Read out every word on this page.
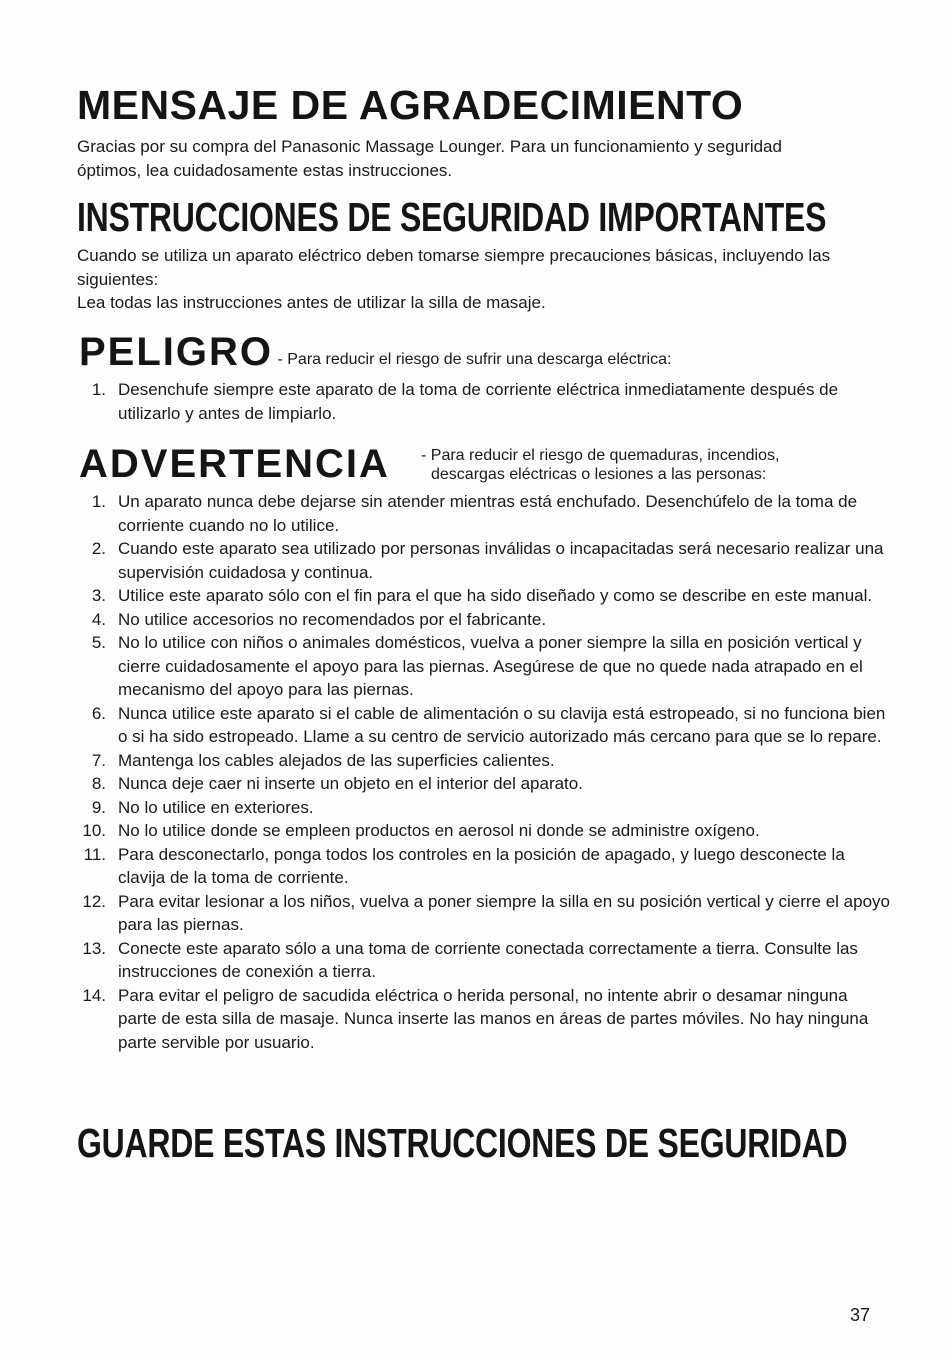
MENSAJE DE AGRADECIMIENTO

Gracias por su compra del Panasonic Massage Lounger. Para un funcionamiento y seguridad óptimos, lea cuidadosamente estas instrucciones.

INSTRUCCIONES DE SEGURIDAD IMPORTANTES

Cuando se utiliza un aparato eléctrico deben tomarse siempre precauciones básicas, incluyendo las siguientes:

Lea todas las instrucciones antes de utilizar la silla de masaje.

PELIGRO - Para reducir el riesgo de sufrir una descarga eléctrica:
1. Desenchufe siempre este aparato de la toma de corriente eléctrica inmediatamente después de utilizarlo y antes de limpiarlo.
ADVERTENCIA - Para reducir el riesgo de quemaduras, incendios,
descargas eléctricas o lesiones a las personas:

1. Un aparato nunca debe dejarse sin atender mientras está enchufado. Desenchúfelo de la toma de corriente cuando no lo utilice.
2. Cuando este aparato sea utilizado por personas inválidas o incapacitadas será necesario realizar una supervisión cuidadosa y continua.
3. Utilice este aparato sólo con el fin para el que ha sido diseñado y como se describe en este manual.
4. No utilice accesorios no recomendados por el fabricante.
5. No lo utilice con niños o animales domésticos, vuelva a poner siempre la silla en posición vertical y cierre cuidadosamente el apoyo para las piernas. Asegúrese de que no quede nada atrapado en el mecanismo del apoyo para las piernas.
6. Nunca utilice este aparato si el cable de alimentación o su clavija está estropeado, si no funciona bien o si ha sido estropeado. Llame a su centro de servicio autorizado más cercano para que se lo repare.
7. Mantenga los cables alejados de las superficies calientes.
8. Nunca deje caer ni inserte un objeto en el interior del aparato.
9. No lo utilice en exteriores.
10. No lo utilice donde se empleen productos en aerosol ni donde se administre oxígeno.
11. Para desconectarlo, ponga todos los controles en la posición de apagado, y luego desconecte la clavija de la toma de corriente.
12. Para evitar lesionar a los niños, vuelva a poner siempre la silla en su posición vertical y cierre el apoyo para las piernas.
13. Conecte este aparato sólo a una toma de corriente conectada correctamente a tierra. Consulte las instrucciones de conexión a tierra.
14. Para evitar el peligro de sacudida eléctrica o herida personal, no intente abrir o desamar ninguna parte de esta silla de masaje. Nunca inserte las manos en áreas de partes móviles. No hay ninguna parte servible por usuario.
GUARDE ESTAS INSTRUCCIONES DE SEGURIDAD

37
